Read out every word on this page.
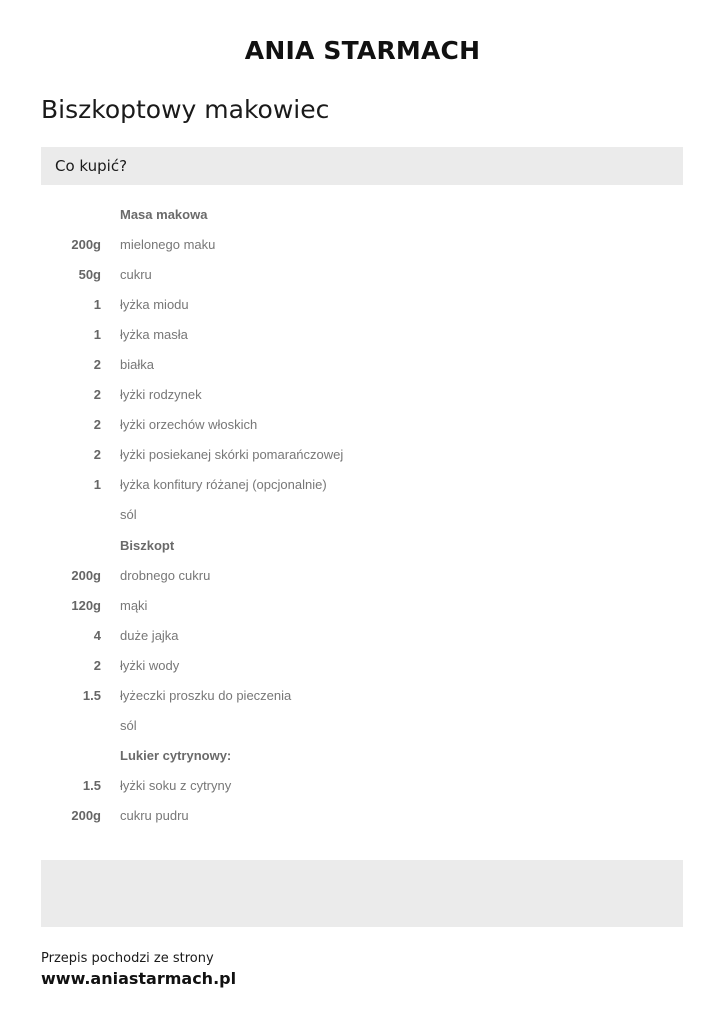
ANIA STARMACH
Biszkoptowy makowiec
Co kupić?
Masa makowa
200g mielonego maku
50g cukru
1 łyżka miodu
1 łyżka masła
2 białka
2 łyżki rodzynek
2 łyżki orzechów włoskich
2 łyżki posiekanej skórki pomarańczowej
1 łyżka konfitury różanej (opcjonalnie)
sól
Biszkopt
200g drobnego cukru
120g mąki
4 duże jajka
2 łyżki wody
1.5 łyżeczki proszku do pieczenia
sól
Lukier cytrynowy:
1.5 łyżki soku z cytryny
200g cukru pudru
Przepis pochodzi ze strony
www.aniastarmach.pl
